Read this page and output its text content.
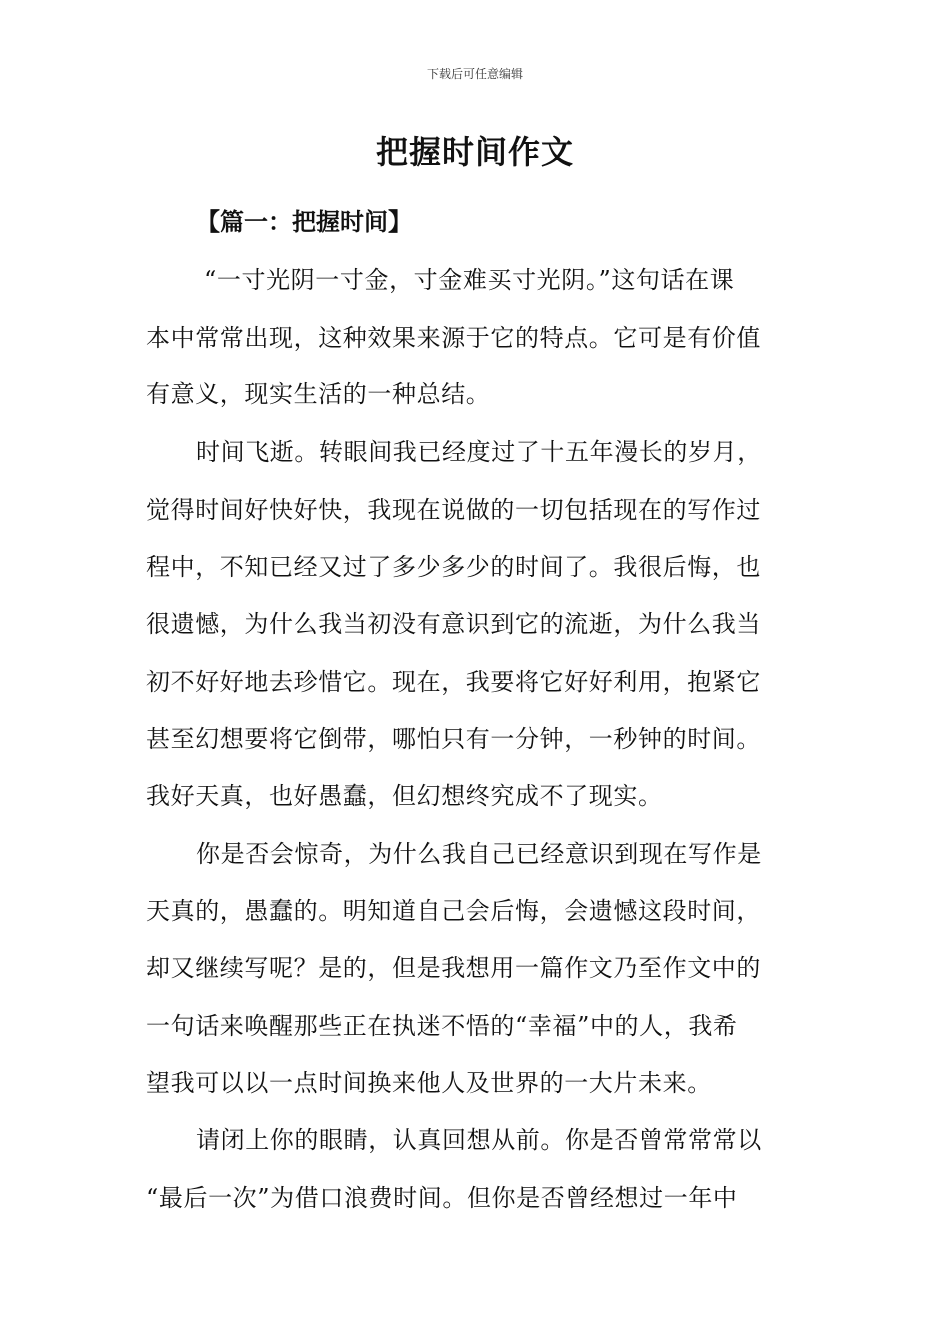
下载后可任意编辑
把握时间作文
【篇一：把握时间】
“一寸光阴一寸金，寸金难买寸光阴。”这句话在课
本中常常出现，这种效果来源于它的特点。它可是有价值
有意义，现实生活的一种总结。
时间飞逝。转眼间我已经度过了十五年漫长的岁月，
觉得时间好快好快，我现在说做的一切包括现在的写作过
程中，不知已经又过了多少多少的时间了。我很后悔，也
很遗憾，为什么我当初没有意识到它的流逝，为什么我当
初不好好地去珍惜它。现在，我要将它好好利用，抱紧它
甚至幻想要将它倒带，哪怕只有一分钟，一秒钟的时间。
我好天真，也好愚蠢，但幻想终究成不了现实。
你是否会惊奇，为什么我自己已经意识到现在写作是
天真的，愚蠢的。明知道自己会后悔，会遗憾这段时间，
却又继续写呢？是的，但是我想用一篇作文乃至作文中的
一句话来唤醒那些正在执迷不悟的“幸福”中的人，我希
望我可以以一点时间换来他人及世界的一大片未来。
请闭上你的眼睛，认真回想从前。你是否曾常常常以
“最后一次”为借口浪费时间。但你是否曾经想过一年中
